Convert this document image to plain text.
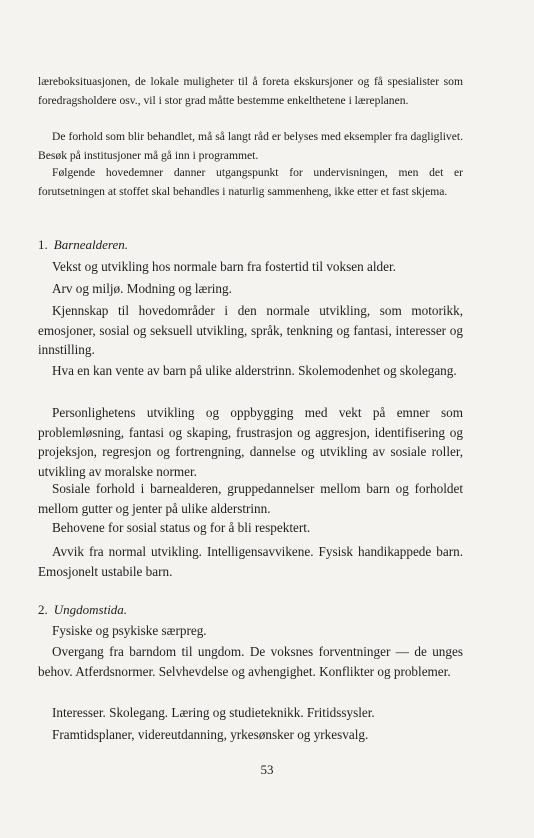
læreboksituasjonen, de lokale muligheter til å foreta ekskursjoner og få spesialister som foredragsholdere osv., vil i stor grad måtte bestemme enkelthetene i læreplanen.
De forhold som blir behandlet, må så langt råd er belyses med eksempler fra dagliglivet. Besøk på institusjoner må gå inn i programmet.
Følgende hovedemner danner utgangspunkt for undervisningen, men det er forutsetningen at stoffet skal behandles i naturlig sammenheng, ikke etter et fast skjema.
1. Barnealderen.
Vekst og utvikling hos normale barn fra fostertid til voksen alder.
Arv og miljø. Modning og læring.
Kjennskap til hovedområder i den normale utvikling, som motorikk, emosjoner, sosial og seksuell utvikling, språk, tenkning og fantasi, interesser og innstilling.
Hva en kan vente av barn på ulike alderstrinn. Skolemodenhet og skolegang.
Personlighetens utvikling og oppbygging med vekt på emner som problemløsning, fantasi og skaping, frustrasjon og aggresjon, identifisering og projeksjon, regresjon og fortrengning, dannelse og utvikling av sosiale roller, utvikling av moralske normer.
Sosiale forhold i barnealderen, gruppedannelser mellom barn og forholdet mellom gutter og jenter på ulike alderstrinn.
Behovene for sosial status og for å bli respektert.
Avvik fra normal utvikling. Intelligensavvikene. Fysisk handikappede barn. Emosjonelt ustabile barn.
2. Ungdomstida.
Fysiske og psykiske særpreg.
Overgang fra barndom til ungdom. De voksnes forventninger — de unges behov. Atferdsnormer. Selvhevdelse og avhengighet. Konflikter og problemer.
Interesser. Skolegang. Læring og studieteknikk. Fritidssysler.
Framtidsplaner, videreutdanning, yrkesønsker og yrkesvalg.
53
